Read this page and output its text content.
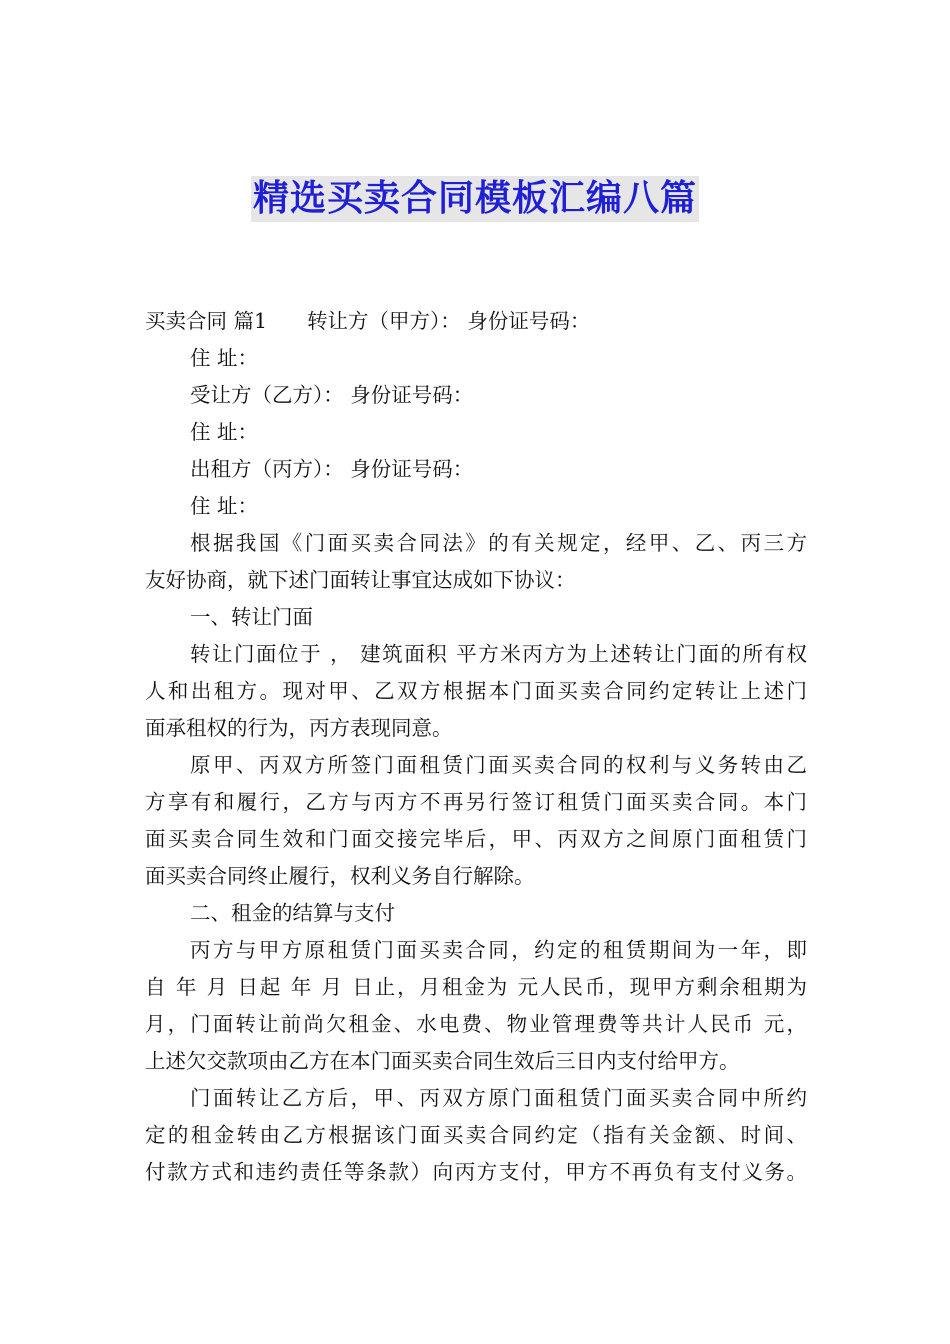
精选买卖合同模板汇编八篇
买卖合同 篇1 转让方（甲方）： 身份证号码：
住 址：
受让方（乙方）： 身份证号码：
住 址：
出租方（丙方）： 身份证号码：
住 址：
根据我国《门面买卖合同法》的有关规定，经甲、乙、丙三方
友好协商，就下述门面转让事宜达成如下协议：
一、转让门面
转让门面位于 ， 建筑面积 平方米丙方为上述转让门面的所有权
人和出租方。现对甲、乙双方根据本门面买卖合同约定转让上述门
面承租权的行为，丙方表现同意。
原甲、丙双方所签门面租赁门面买卖合同的权利与义务转由乙
方享有和履行，乙方与丙方不再另行签订租赁门面买卖合同。本门
面买卖合同生效和门面交接完毕后，甲、丙双方之间原门面租赁门
面买卖合同终止履行，权利义务自行解除。
二、租金的结算与支付
丙方与甲方原租赁门面买卖合同，约定的租赁期间为一年，即
自 年 月 日起 年 月 日止，月租金为 元人民币，现甲方剩余租期为
月，门面转让前尚欠租金、水电费、物业管理费等共计人民币 元，
上述欠交款项由乙方在本门面买卖合同生效后三日内支付给甲方。
门面转让乙方后，甲、丙双方原门面租赁门面买卖合同中所约
定的租金转由乙方根据该门面买卖合同约定（指有关金额、时间、
付款方式和违约责任等条款）向丙方支付，甲方不再负有支付义务。
